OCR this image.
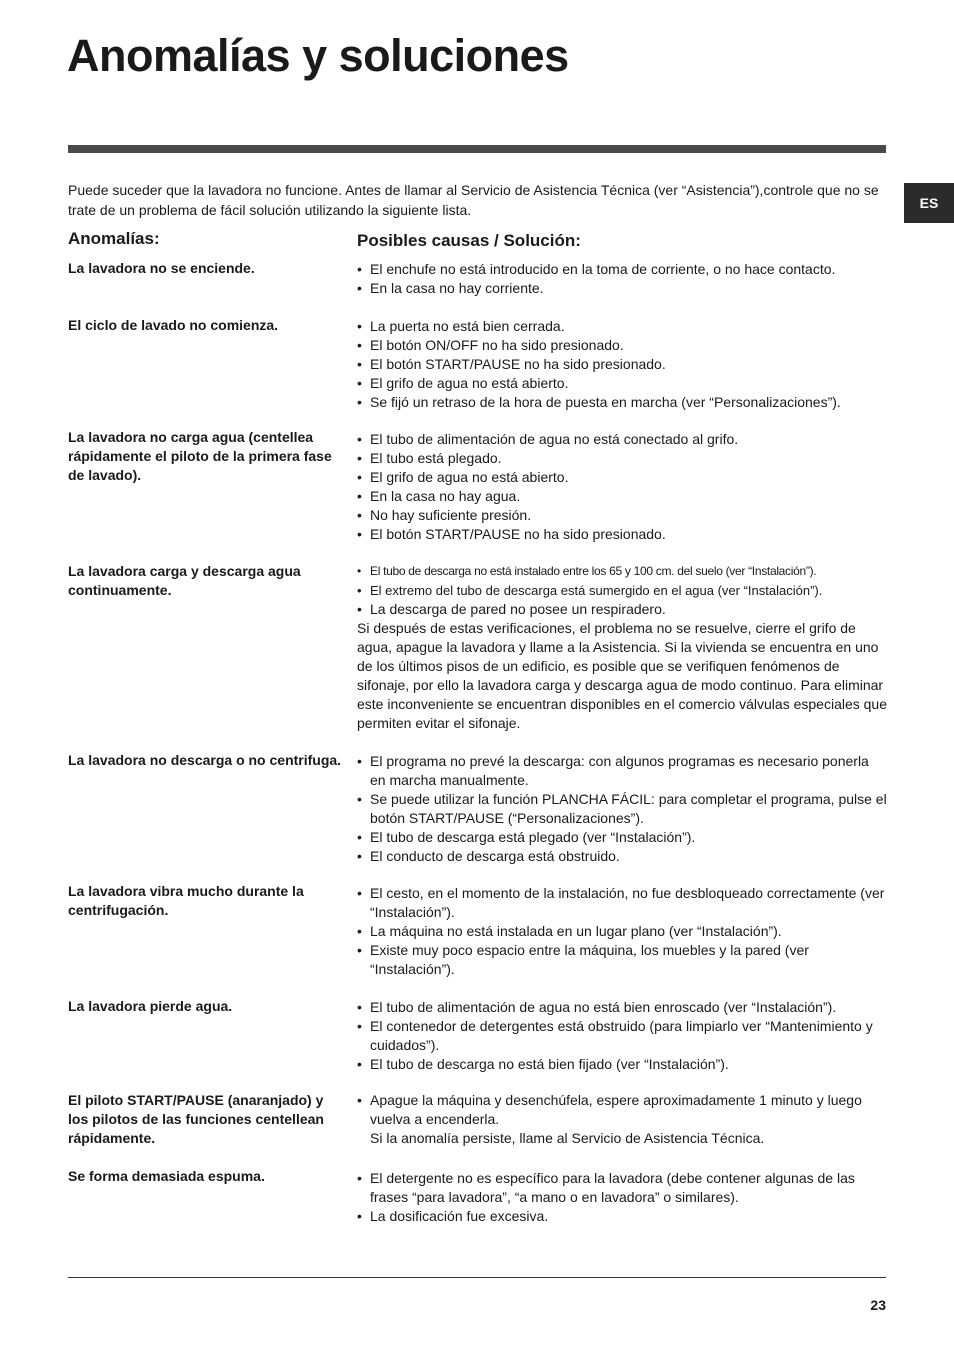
Anomalías y soluciones
ES

Puede suceder que la lavadora no funcione. Antes de llamar al Servicio de Asistencia Técnica (ver “Asistencia”),controle que no se trate de un problema de fácil solución utilizando la siguiente lista.

Anomalías:	Posibles causas / Solución:
La lavadora no se enciende.	• El enchufe no está introducido en la toma de corriente, o no hace contacto.
• En la casa no hay corriente.
El ciclo de lavado no comienza.	• La puerta no está bien cerrada.
• El botón ON/OFF no ha sido presionado.
• El botón START/PAUSE no ha sido presionado.
• El grifo de agua no está abierto.
• Se fijó un retraso de la hora de puesta en marcha (ver “Personalizaciones”).
La lavadora no carga agua (centellea rápidamente el piloto de la primera fase de lavado).
• El tubo de alimentación de agua no está conectado al grifo.
• El tubo está plegado.
• El grifo de agua no está abierto.
• En la casa no hay agua.
• No hay suficiente presión.
• El botón START/PAUSE no ha sido presionado.
La lavadora carga y descarga agua continuamente.
• El tubo de descarga no está instalado entre los 65 y 100 cm. del suelo (ver “Instalación”).
• El extremo del tubo de descarga está sumergido en el agua (ver “Instalación”).
• La descarga de pared no posee un respiradero.

Si después de estas verificaciones, el problema no se resuelve, cierre el grifo de agua, apague la lavadora y llame a la Asistencia. Si la vivienda se encuentra en uno de los últimos pisos de un edificio, es posible que se verifiquen fenómenos de sifonaje, por ello la lavadora carga y descarga agua de modo continuo. Para eliminar este inconveniente se encuentran disponibles en el comercio válvulas especiales que permiten evitar el sifonaje.

La lavadora no descarga o no centrifuga.	• El programa no prevé la descarga: con algunos programas es necesario ponerla en marcha manualmente.
• Se puede utilizar la función PLANCHA FÁCIL: para completar el programa, pulse el botón START/PAUSE (“Personalizaciones”).
• El tubo de descarga está plegado (ver “Instalación”).
• El conducto de descarga está obstruido.
La lavadora vibra mucho durante la centrifugación.
• El cesto, en el momento de la instalación, no fue desbloqueado correctamente (ver “Instalación”).
• La máquina no está instalada en un lugar plano (ver “Instalación”).
• Existe muy poco espacio entre la máquina, los muebles y la pared (ver “Instalación”).
La lavadora pierde agua.	• El tubo de alimentación de agua no está bien enroscado (ver “Instalación”).
• El contenedor de detergentes está obstruido (para limpiarlo ver “Mantenimiento y cuidados”).
• El tubo de descarga no está bien fijado (ver “Instalación”).
El piloto START/PAUSE (anaranjado) y los pilotos de las funciones centellean rápidamente.
• Apague la máquina y desenchúfela, espere aproximadamente 1 minuto y luego vuelva a encenderla.

Si la anomalía persiste, llame al Servicio de Asistencia Técnica.

Se forma demasiada espuma.	• El detergente no es específico para la lavadora (debe contener algunas de las frases “para lavadora”, “a mano o en lavadora” o similares).
• La dosificación fue excesiva.
23
